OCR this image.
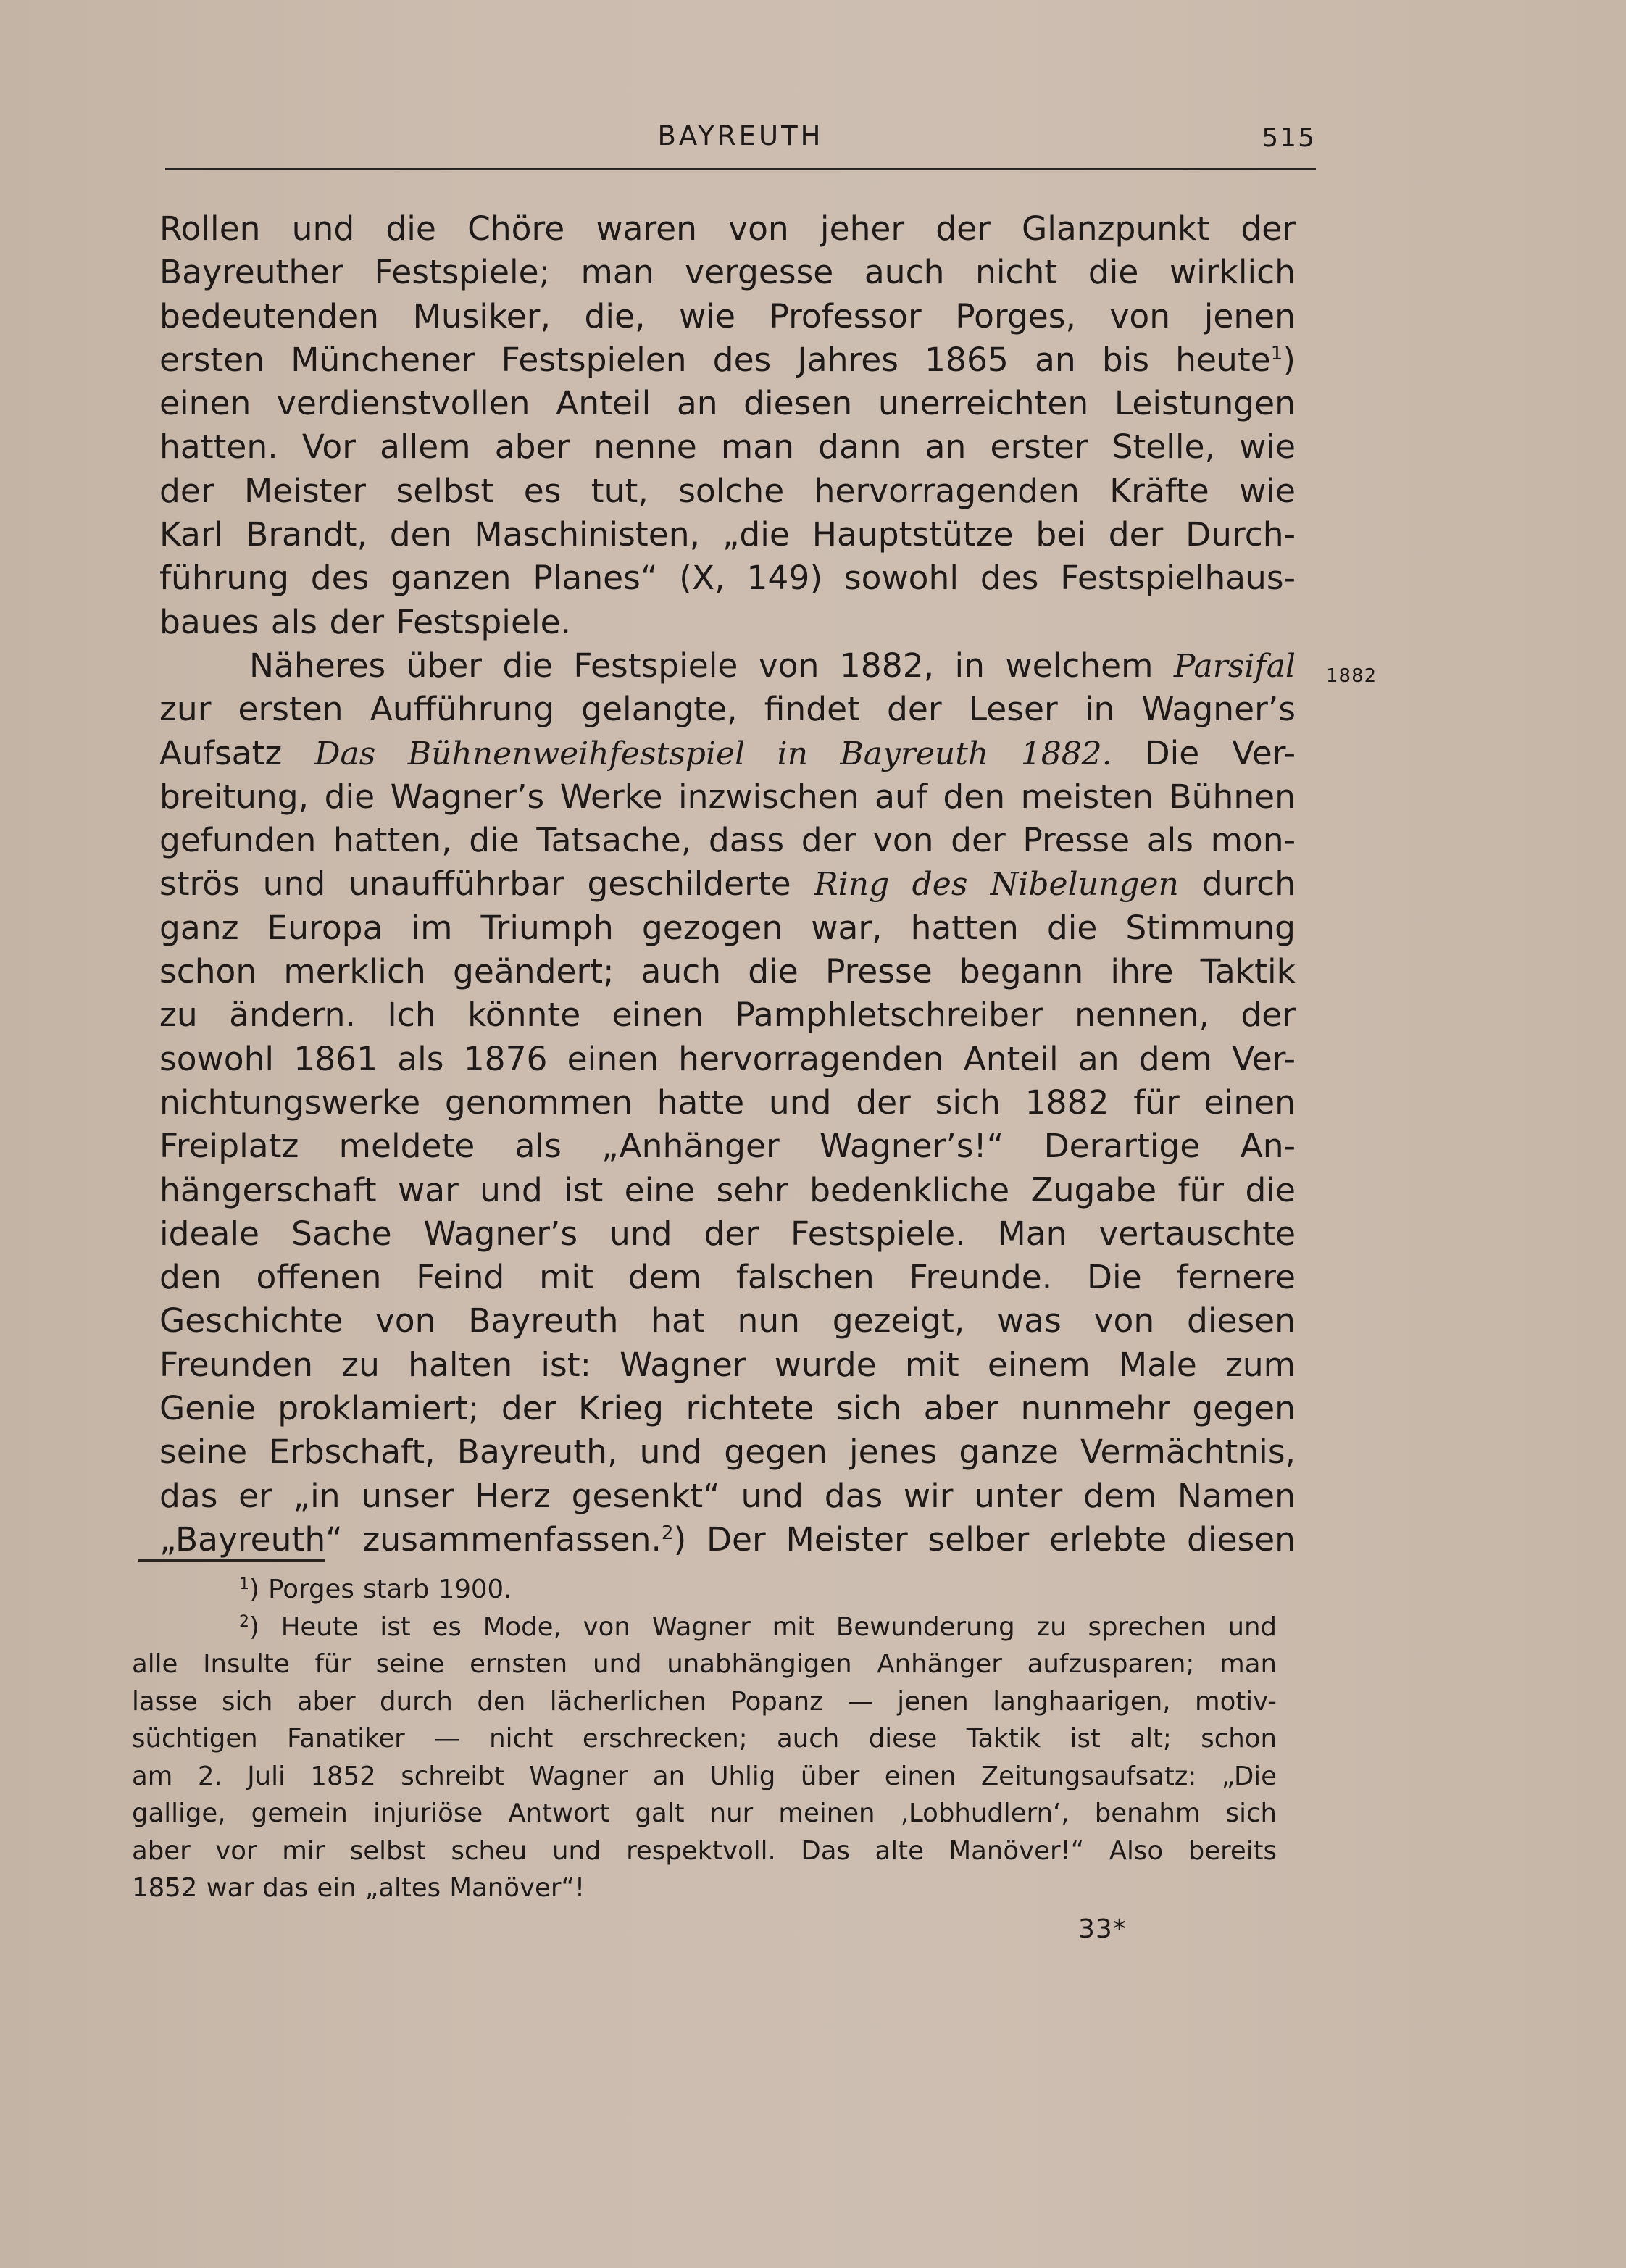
BAYREUTH	515
Rollen und die Chöre waren von jeher der Glanzpunkt der
Bayreuther Festspiele; man vergesse auch nicht die wirklich
bedeutenden Musiker, die, wie Professor Porges, von jenen
ersten Münchener Festspielen des Jahres 1865 an bis heute$^1$)
einen verdienstvollen Anteil an diesen unerreichten Leistungen
hatten. Vor allem aber nenne man dann an erster Stelle, wie
der Meister selbst es tut, solche hervorragenden Kräfte wie
Karl Brandt, den Maschinisten, „die Hauptstütze bei der Durch-
führung des ganzen Planes“ (X, 149) sowohl des Festspielhaus-
baues als der Festspiele.
Näheres über die Festspiele von 1882, in welchem Parsifal
zur ersten Aufführung gelangte, findet der Leser in Wagner’s
Aufsatz Das Bühnenweihfestspiel in Bayreuth 1882. Die Ver-
breitung, die Wagner’s Werke inzwischen auf den meisten Bühnen
gefunden hatten, die Tatsache, dass der von der Presse als mon-
strös und unaufführbar geschilderte Ring des Nibelungen durch
ganz Europa im Triumph gezogen war, hatten die Stimmung
schon merklich geändert; auch die Presse begann ihre Taktik
zu ändern. Ich könnte einen Pamphletschreiber nennen, der
sowohl 1861 als 1876 einen hervorragenden Anteil an dem Ver-
nichtungswerke genommen hatte und der sich 1882 für einen
Freiplatz meldete als „Anhänger Wagner’s!“ Derartige An-
hängerschaft war und ist eine sehr bedenkliche Zugabe für die
ideale Sache Wagner’s und der Festspiele. Man vertauschte
den offenen Feind mit dem falschen Freunde. Die fernere
Geschichte von Bayreuth hat nun gezeigt, was von diesen
Freunden zu halten ist: Wagner wurde mit einem Male zum
Genie proklamiert; der Krieg richtete sich aber nunmehr gegen
seine Erbschaft, Bayreuth, und gegen jenes ganze Vermächtnis,
das er „in unser Herz gesenkt“ und das wir unter dem Namen
„Bayreuth“ zusammenfassen.$^2$) Der Meister selber erlebte diesen
1882
$^1$) Porges starb 1900.
$^2$) Heute ist es Mode, von Wagner mit Bewunderung zu sprechen und
alle Insulte für seine ernsten und unabhängigen Anhänger aufzusparen; man
lasse sich aber durch den lächerlichen Popanz — jenen langhaarigen, motiv-
süchtigen Fanatiker — nicht erschrecken; auch diese Taktik ist alt; schon
am 2. Juli 1852 schreibt Wagner an Uhlig über einen Zeitungsaufsatz: „Die
gallige, gemein injuriöse Antwort galt nur meinen ‚Lobhudlern‘, benahm sich
aber vor mir selbst scheu und respektvoll. Das alte Manöver!“ Also bereits
1852 war das ein „altes Manöver“!
33*
